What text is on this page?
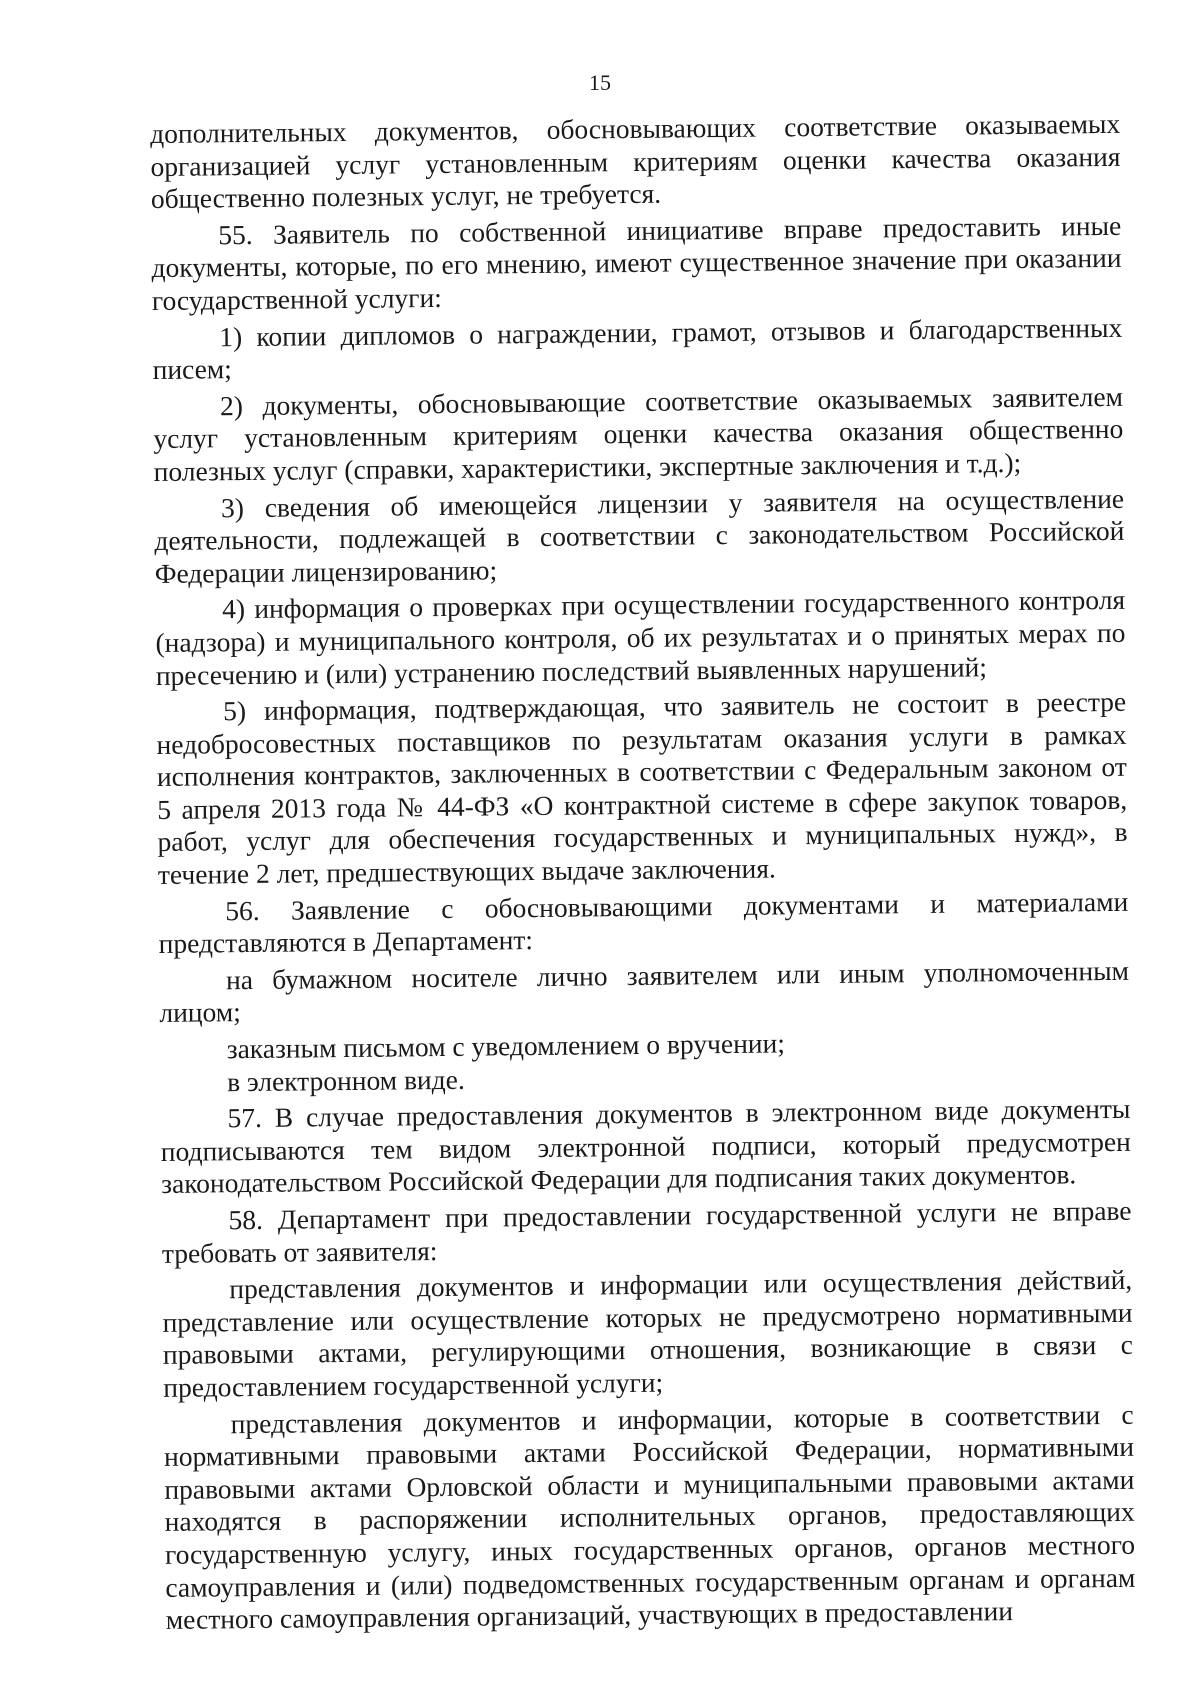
15

дополнительных документов, обосновывающих соответствие оказываемых организацией услуг установленным критериям оценки качества оказания общественно полезных услуг, не требуется.

55. Заявитель по собственной инициативе вправе предоставить иные документы, которые, по его мнению, имеют существенное значение при оказании государственной услуги:

1) копии дипломов о награждении, грамот, отзывов и благодарственных писем;

2) документы, обосновывающие соответствие оказываемых заявителем услуг установленным критериям оценки качества оказания общественно полезных услуг (справки, характеристики, экспертные заключения и т.д.);

3) сведения об имеющейся лицензии у заявителя на осуществление деятельности, подлежащей в соответствии с законодательством Российской Федерации лицензированию;

4) информация о проверках при осуществлении государственного контроля (надзора) и муниципального контроля, об их результатах и о принятых мерах по пресечению и (или) устранению последствий выявленных нарушений;

5) информация, подтверждающая, что заявитель не состоит в реестре недобросовестных поставщиков по результатам оказания услуги в рамках исполнения контрактов, заключенных в соответствии с Федеральным законом от 5 апреля 2013 года № 44-ФЗ «О контрактной системе в сфере закупок товаров, работ, услуг для обеспечения государственных и муниципальных нужд», в течение 2 лет, предшествующих выдаче заключения.

56. Заявление с обосновывающими документами и материалами представляются в Департамент:

на бумажном носителе лично заявителем или иным уполномоченным лицом;

заказным письмом с уведомлением о вручении;

в электронном виде.

57. В случае предоставления документов в электронном виде документы подписываются тем видом электронной подписи, который предусмотрен законодательством Российской Федерации для подписания таких документов.

58. Департамент при предоставлении государственной услуги не вправе требовать от заявителя:

представления документов и информации или осуществления действий, представление или осуществление которых не предусмотрено нормативными правовыми актами, регулирующими отношения, возникающие в связи с предоставлением государственной услуги;

представления документов и информации, которые в соответствии с нормативными правовыми актами Российской Федерации, нормативными правовыми актами Орловской области и муниципальными правовыми актами находятся в распоряжении исполнительных органов, предоставляющих государственную услугу, иных государственных органов, органов местного самоуправления и (или) подведомственных государственным органам и органам местного самоуправления организаций, участвующих в предоставлении
